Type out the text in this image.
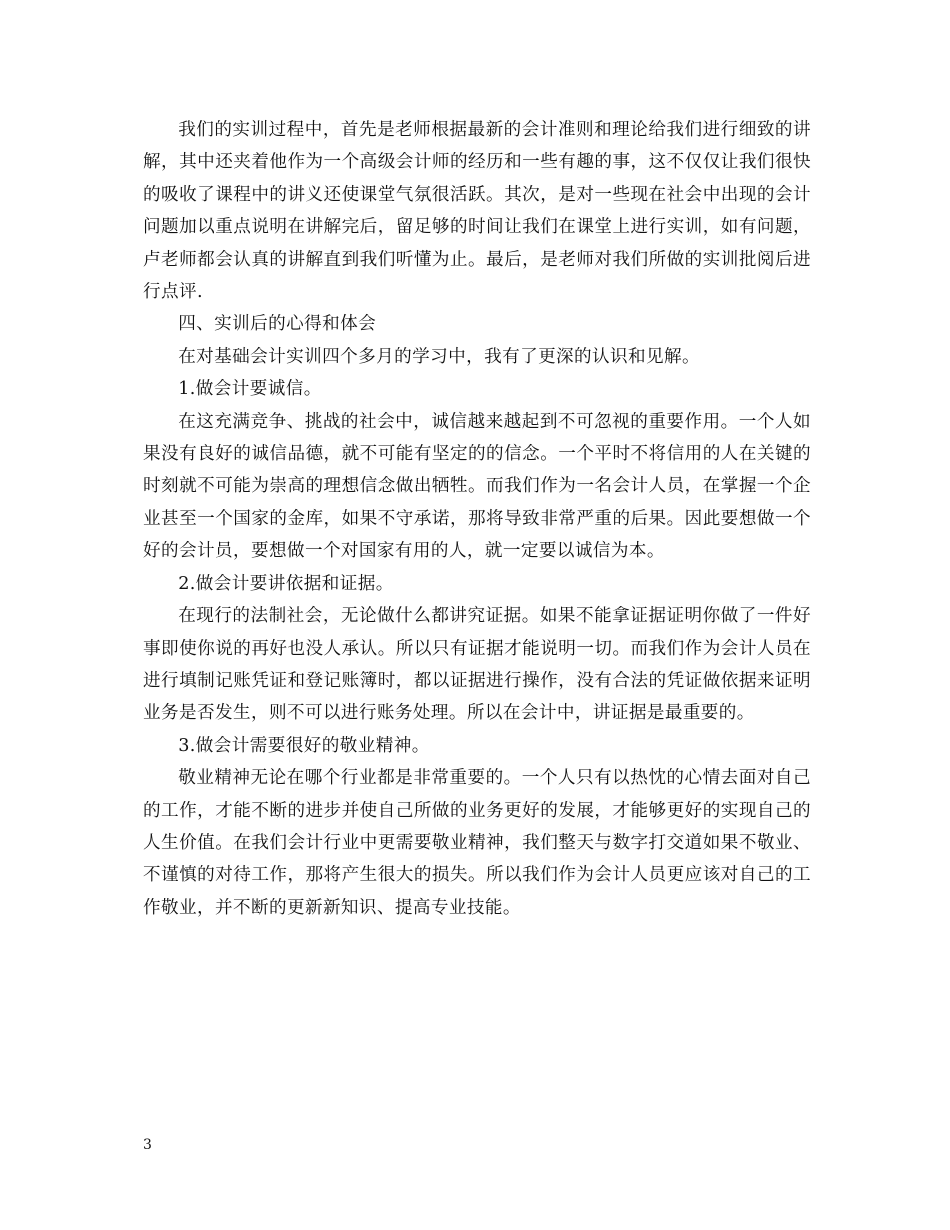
我们的实训过程中，首先是老师根据最新的会计准则和理论给我们进行细致的讲解，其中还夹着他作为一个高级会计师的经历和一些有趣的事，这不仅仅让我们很快的吸收了课程中的讲义还使课堂气氛很活跃。其次，是对一些现在社会中出现的会计问题加以重点说明在讲解完后，留足够的时间让我们在课堂上进行实训，如有问题，卢老师都会认真的讲解直到我们听懂为止。最后，是老师对我们所做的实训批阅后进行点评.

四、实训后的心得和体会

在对基础会计实训四个多月的学习中，我有了更深的认识和见解。

1.做会计要诚信。

在这充满竞争、挑战的社会中，诚信越来越起到不可忽视的重要作用。一个人如果没有良好的诚信品德，就不可能有坚定的的信念。一个平时不将信用的人在关键的时刻就不可能为崇高的理想信念做出牺牲。而我们作为一名会计人员，在掌握一个企业甚至一个国家的金库，如果不守承诺，那将导致非常严重的后果。因此要想做一个好的会计员，要想做一个对国家有用的人，就一定要以诚信为本。

2.做会计要讲依据和证据。

在现行的法制社会，无论做什么都讲究证据。如果不能拿证据证明你做了一件好事即使你说的再好也没人承认。所以只有证据才能说明一切。而我们作为会计人员在进行填制记账凭证和登记账簿时，都以证据进行操作，没有合法的凭证做依据来证明业务是否发生，则不可以进行账务处理。所以在会计中，讲证据是最重要的。

3.做会计需要很好的敬业精神。

敬业精神无论在哪个行业都是非常重要的。一个人只有以热忱的心情去面对自己的工作，才能不断的进步并使自己所做的业务更好的发展，才能够更好的实现自己的人生价值。在我们会计行业中更需要敬业精神，我们整天与数字打交道如果不敬业、不谨慎的对待工作，那将产生很大的损失。所以我们作为会计人员更应该对自己的工作敬业，并不断的更新新知识、提高专业技能。

3
